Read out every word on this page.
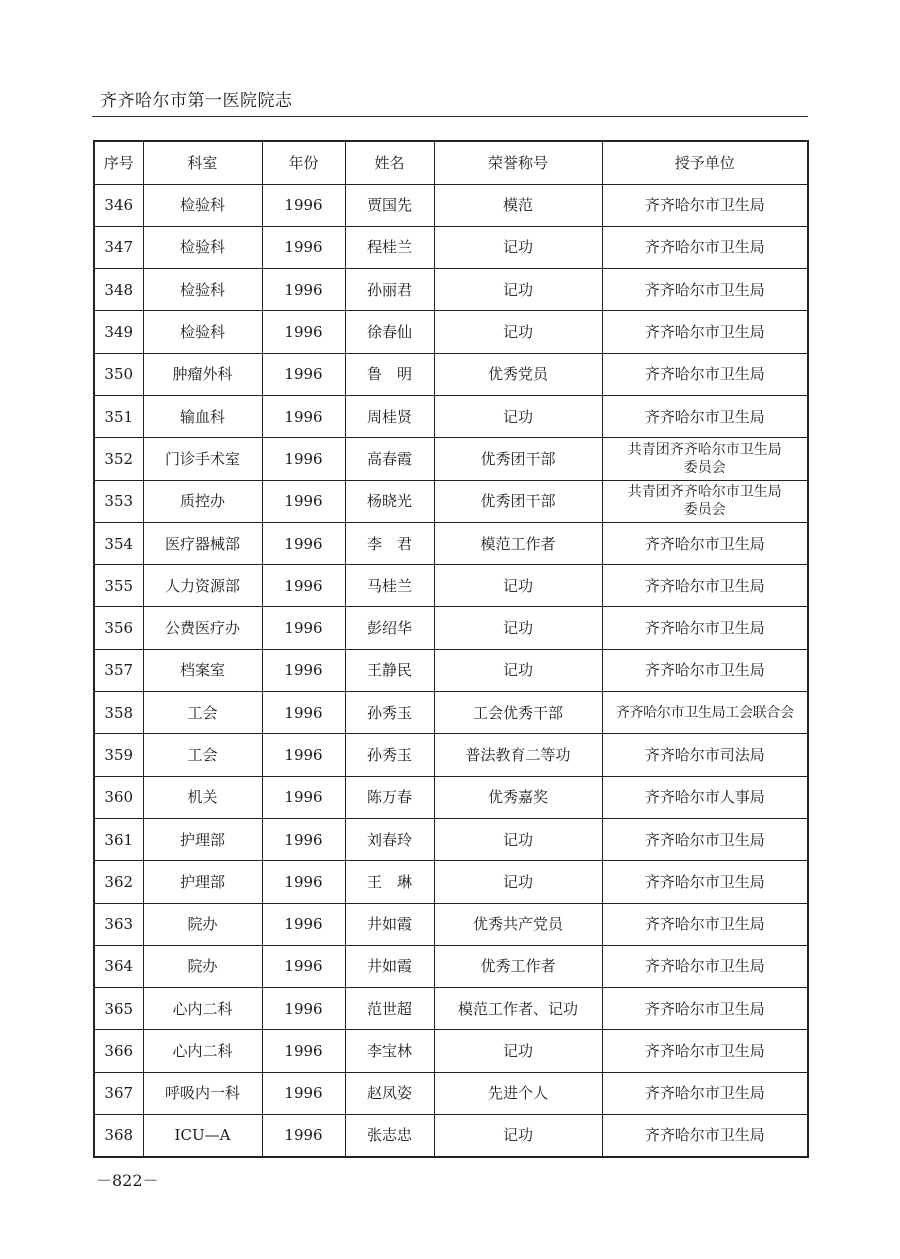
齐齐哈尔市第一医院院志
序号	科室	年份	姓名	荣誉称号	授予单位
346	检验科	1996	贾国先	模范	齐齐哈尔市卫生局
347	检验科	1996	程桂兰	记功	齐齐哈尔市卫生局
348	检验科	1996	孙丽君	记功	齐齐哈尔市卫生局
349	检验科	1996	徐春仙	记功	齐齐哈尔市卫生局
350	肿瘤外科	1996	鲁　明	优秀党员	齐齐哈尔市卫生局
351	输血科	1996	周桂贤	记功	齐齐哈尔市卫生局
352	门诊手术室	1996	高春霞	优秀团干部	共青团齐齐哈尔市卫生局
委员会
353	质控办	1996	杨晓光	优秀团干部	共青团齐齐哈尔市卫生局
委员会
354	医疗器械部	1996	李　君	模范工作者	齐齐哈尔市卫生局
355	人力资源部	1996	马桂兰	记功	齐齐哈尔市卫生局
356	公费医疗办	1996	彭绍华	记功	齐齐哈尔市卫生局
357	档案室	1996	王静民	记功	齐齐哈尔市卫生局
358	工会	1996	孙秀玉	工会优秀干部	齐齐哈尔市卫生局工会联合会
359	工会	1996	孙秀玉	普法教育二等功	齐齐哈尔市司法局
360	机关	1996	陈万春	优秀嘉奖	齐齐哈尔市人事局
361	护理部	1996	刘春玲	记功	齐齐哈尔市卫生局
362	护理部	1996	王　琳	记功	齐齐哈尔市卫生局
363	院办	1996	井如霞	优秀共产党员	齐齐哈尔市卫生局
364	院办	1996	井如霞	优秀工作者	齐齐哈尔市卫生局
365	心内二科	1996	范世超	模范工作者、记功	齐齐哈尔市卫生局
366	心内二科	1996	李宝林	记功	齐齐哈尔市卫生局
367	呼吸内一科	1996	赵凤姿	先进个人	齐齐哈尔市卫生局
368	ICU—A	1996	张志忠	记功	齐齐哈尔市卫生局
－822－
